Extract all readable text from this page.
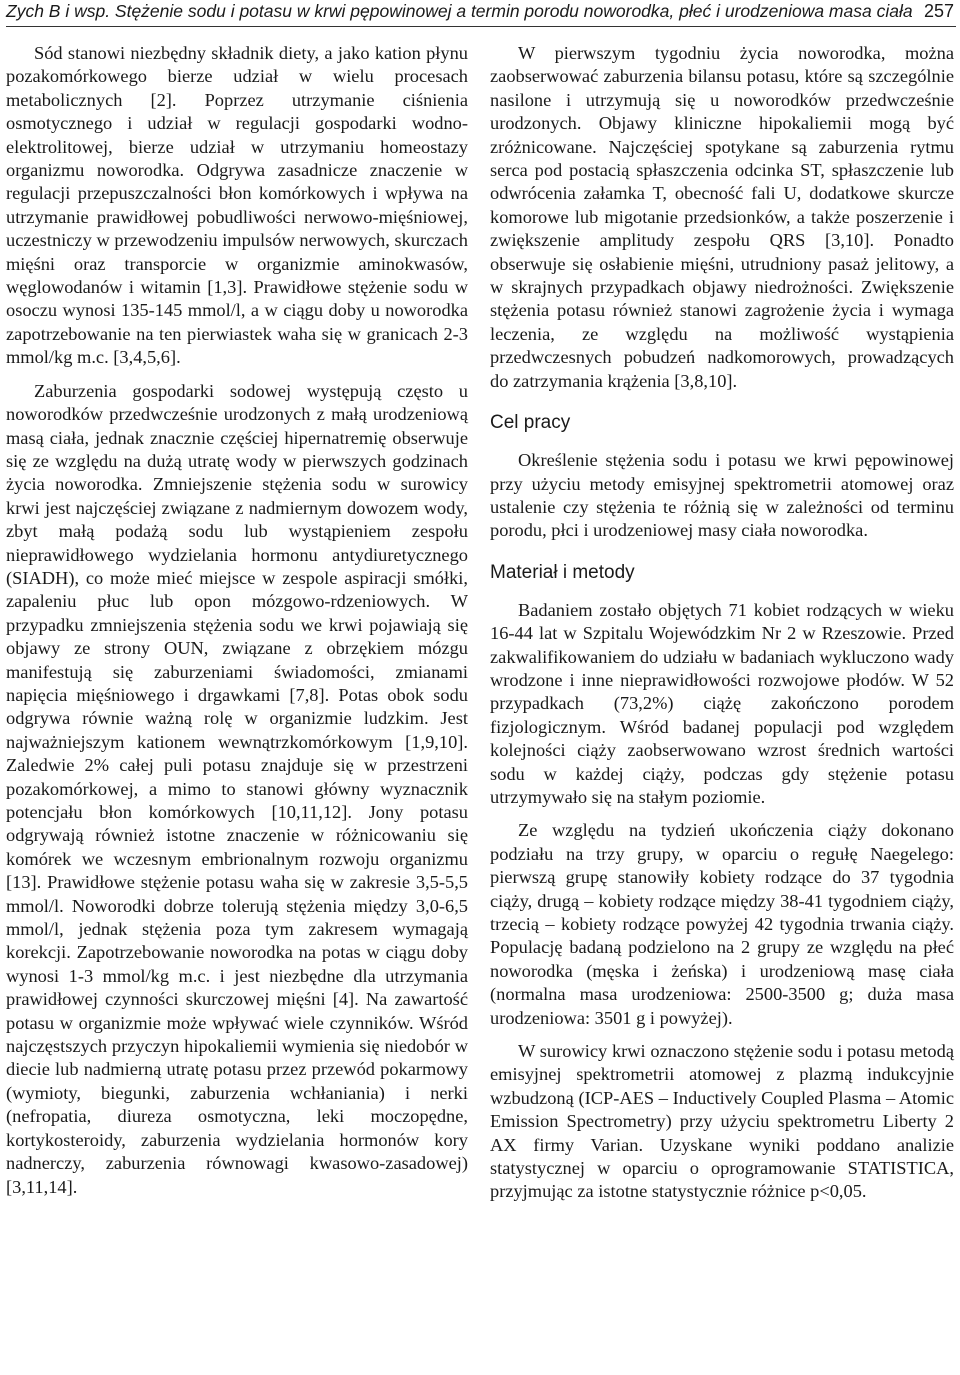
Zych B i wsp. Stężenie sodu i potasu w krwi pępowinowej a termin porodu noworodka, płeć i urodzeniowa masa ciała 257

Sód stanowi niezbędny składnik diety, a jako kation płynu pozakomórkowego bierze udział w wielu procesach metabolicznych [2]. Poprzez utrzymanie ciśnienia osmotycznego i udział w regulacji gospodarki wodno-elektrolitowej, bierze udział w utrzymaniu homeostazy organizmu noworodka. Odgrywa zasadnicze znaczenie w regulacji przepuszczalności błon komórkowych i wpływa na utrzymanie prawidłowej pobudliwości nerwowo-mięśniowej, uczestniczy w przewodzeniu impulsów nerwowych, skurczach mięśni oraz transporcie w organizmie aminokwasów, węglowodanów i witamin [1,3]. Prawidłowe stężenie sodu w osoczu wynosi 135-145 mmol/l, a w ciągu doby u noworodka zapotrzebowanie na ten pierwiastek waha się w granicach 2-3 mmol/kg m.c. [3,4,5,6].

Zaburzenia gospodarki sodowej występują często u noworodków przedwcześnie urodzonych z małą urodzeniową masą ciała, jednak znacznie częściej hipernatremię obserwuje się ze względu na dużą utratę wody w pierwszych godzinach życia noworodka. Zmniejszenie stężenia sodu w surowicy krwi jest najczęściej związane z nadmiernym dowozem wody, zbyt małą podażą sodu lub wystąpieniem zespołu nieprawidłowego wydzielania hormonu antydiuretycznego (SIADH), co może mieć miejsce w zespole aspiracji smółki, zapaleniu płuc lub opon mózgowo-rdzeniowych. W przypadku zmniejszenia stężenia sodu we krwi pojawiają się objawy ze strony OUN, związane z obrzękiem mózgu manifestują się zaburzeniami świadomości, zmianami napięcia mięśniowego i drgawkami [7,8]. Potas obok sodu odgrywa równie ważną rolę w organizmie ludzkim. Jest najważniejszym kationem wewnątrzkomórkowym [1,9,10]. Zaledwie 2% całej puli potasu znajduje się w przestrzeni pozakomórkowej, a mimo to stanowi główny wyznacznik potencjału błon komórkowych [10,11,12]. Jony potasu odgrywają również istotne znaczenie w różnicowaniu się komórek we wczesnym embrionalnym rozwoju organizmu [13]. Prawidłowe stężenie potasu waha się w zakresie 3,5-5,5 mmol/l. Noworodki dobrze tolerują stężenia między 3,0-6,5 mmol/l, jednak stężenia poza tym zakresem wymagają korekcji. Zapotrzebowanie noworodka na potas w ciągu doby wynosi 1-3 mmol/kg m.c. i jest niezbędne dla utrzymania prawidłowej czynności skurczowej mięśni [4]. Na zawartość potasu w organizmie może wpływać wiele czynników. Wśród najczęstszych przyczyn hipokaliemii wymienia się niedobór w diecie lub nadmierną utratę potasu przez przewód pokarmowy (wymioty, biegunki, zaburzenia wchłaniania) i nerki (nefropatia, diureza osmotyczna, leki moczopędne, kortykosteroidy, zaburzenia wydzielania hormonów kory nadnerczy, zaburzenia równowagi kwasowo-zasadowej) [3,11,14].

W pierwszym tygodniu życia noworodka, można zaobserwować zaburzenia bilansu potasu, które są szczególnie nasilone i utrzymują się u noworodków przedwcześnie urodzonych. Objawy kliniczne hipokaliemii mogą być zróżnicowane. Najczęściej spotykane są zaburzenia rytmu serca pod postacią spłaszczenia odcinka ST, spłaszczenie lub odwrócenia załamka T, obecność fali U, dodatkowe skurcze komorowe lub migotanie przedsionków, a także poszerzenie i zwiększenie amplitudy zespołu QRS [3,10]. Ponadto obserwuje się osłabienie mięśni, utrudniony pasaż jelitowy, a w skrajnych przypadkach objawy niedrożności. Zwiększenie stężenia potasu również stanowi zagrożenie życia i wymaga leczenia, ze względu na możliwość wystąpienia przedwczesnych pobudzeń nadkomorowych, prowadzących do zatrzymania krążenia [3,8,10].

Cel pracy

Określenie stężenia sodu i potasu we krwi pępowinowej przy użyciu metody emisyjnej spektrometrii atomowej oraz ustalenie czy stężenia te różnią się w zależności od terminu porodu, płci i urodzeniowej masy ciała noworodka.

Materiał i metody

Badaniem zostało objętych 71 kobiet rodzących w wieku 16-44 lat w Szpitalu Wojewódzkim Nr 2 w Rzeszowie. Przed zakwalifikowaniem do udziału w badaniach wykluczono wady wrodzone i inne nieprawidłowości rozwojowe płodów. W 52 przypadkach (73,2%) ciążę zakończono porodem fizjologicznym. Wśród badanej populacji pod względem kolejności ciąży zaobserwowano wzrost średnich wartości sodu w każdej ciąży, podczas gdy stężenie potasu utrzymywało się na stałym poziomie.

Ze względu na tydzień ukończenia ciąży dokonano podziału na trzy grupy, w oparciu o regułę Naegelego: pierwszą grupę stanowiły kobiety rodzące do 37 tygodnia ciąży, drugą – kobiety rodzące między 38-41 tygodniem ciąży, trzecią – kobiety rodzące powyżej 42 tygodnia trwania ciąży. Populację badaną podzielono na 2 grupy ze względu na płeć noworodka (męska i żeńska) i urodzeniową masę ciała (normalna masa urodzeniowa: 2500-3500 g; duża masa urodzeniowa: 3501 g i powyżej).

W surowicy krwi oznaczono stężenie sodu i potasu metodą emisyjnej spektrometrii atomowej z plazmą indukcyjnie wzbudzoną (ICP-AES – Inductively Coupled Plasma – Atomic Emission Spectrometry) przy użyciu spektrometru Liberty 2 AX firmy Varian. Uzyskane wyniki poddano analizie statystycznej w oparciu o oprogramowanie STATISTICA, przyjmując za istotne statystycznie różnice p<0,05.
